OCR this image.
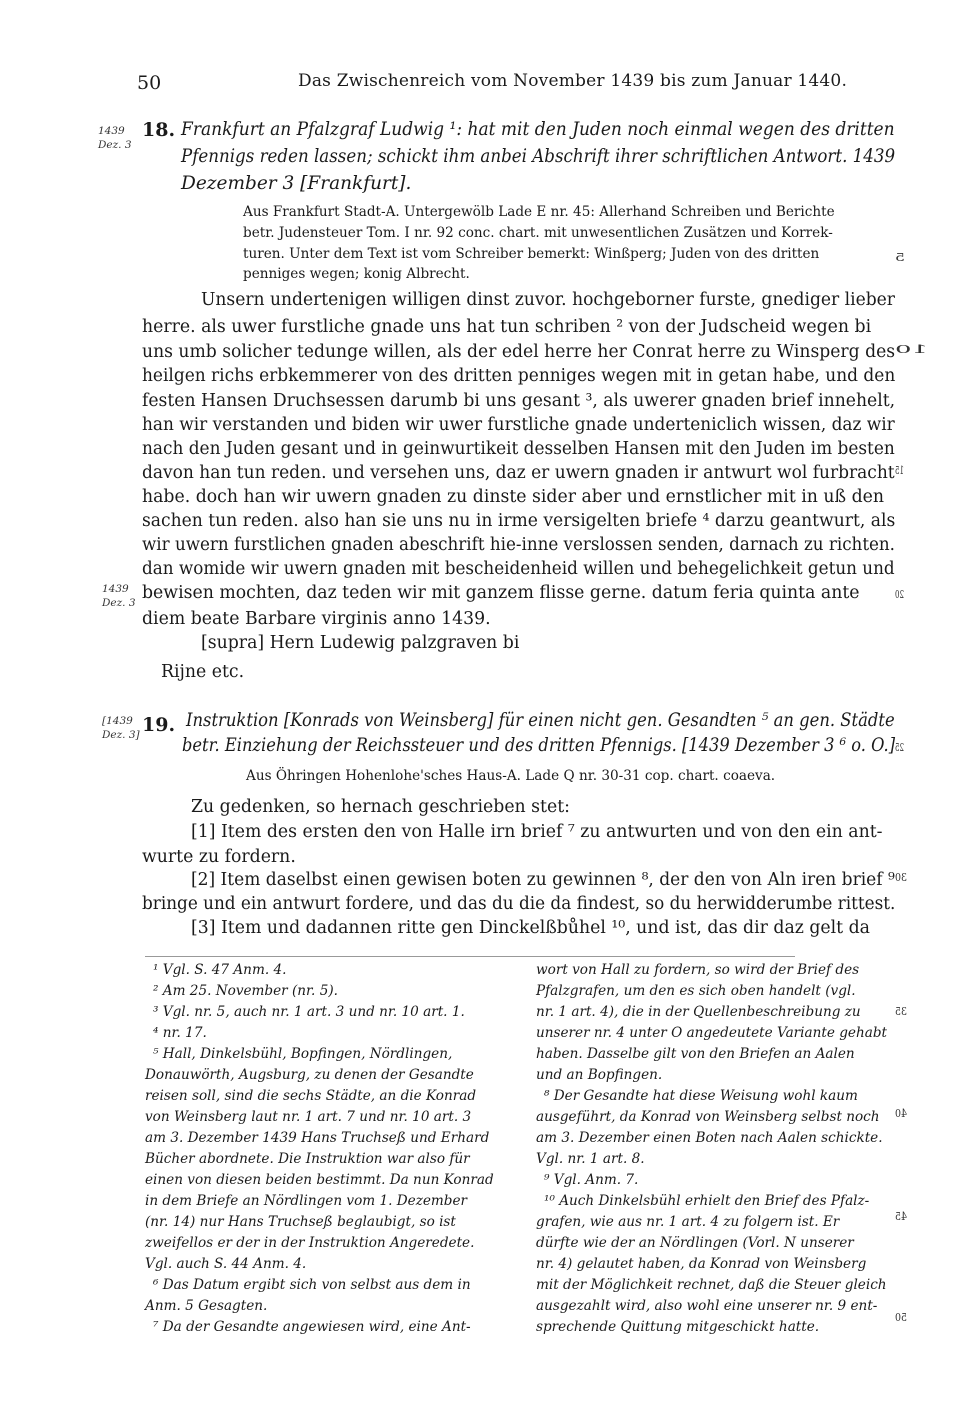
50	Das Zwischenreich vom November 1439 bis zum Januar 1440.
1439
Dez. 3
1439
Dez. 3
[1439
Dez. 3]
5
10
15
20
25
30
35
40
45
50
18. Frankfurt an Pfalzgraf Ludwig ¹: hat mit den Juden noch einmal wegen des dritten
Pfennigs reden lassen; schickt ihm anbei Abschrift ihrer schriftlichen Antwort. 1439
Dezember 3 [Frankfurt].
Aus Frankfurt Stadt-A. Untergewölb Lade E nr. 45: Allerhand Schreiben und Berichte
betr. Judensteuer Tom. I nr. 92 conc. chart. mit unwesentlichen Zusätzen und Korrek-
turen. Unter dem Text ist vom Schreiber bemerkt: Winßperg; Juden von des dritten
penniges wegen; konig Albrecht.
Unsern undertenigen willigen dinst zuvor. hochgeborner furste, gnediger lieber
herre. als uwer furstliche gnade uns hat tun schriben ² von der Judscheid wegen bi
uns umb solicher tedunge willen, als der edel herre her Conrat herre zu Winsperg des
heilgen richs erbkemmerer von des dritten penniges wegen mit in getan habe, und den
festen Hansen Druchsessen darumb bi uns gesant ³, als uwerer gnaden brief innehelt,
han wir verstanden und biden wir uwer furstliche gnade underteniclich wissen, daz wir
nach den Juden gesant und in geinwurtikeit desselben Hansen mit den Juden im besten
davon han tun reden. und versehen uns, daz er uwern gnaden ir antwurt wol furbracht
habe. doch han wir uwern gnaden zu dinste sider aber und ernstlicher mit in uß den
sachen tun reden. also han sie uns nu in irme versigelten briefe ⁴ darzu geantwurt, als
wir uwern furstlichen gnaden abeschrift hie-inne verslossen senden, darnach zu richten.
dan womide wir uwern gnaden mit bescheidenheid willen und behegelichkeit getun und
bewisen mochten, daz teden wir mit ganzem flisse gerne. datum feria quinta ante
diem beate Barbare virginis anno 1439.
[supra] Hern Ludewig palzgraven bi
Rijne etc.
19. Instruktion [Konrads von Weinsberg] für einen nicht gen. Gesandten ⁵ an gen. Städte
betr. Einziehung der Reichssteuer und des dritten Pfennigs. [1439 Dezember 3 ⁶ o. O.]
Aus Öhringen Hohenlohe'sches Haus-A. Lade Q nr. 30-31 cop. chart. coaeva.
Zu gedenken, so hernach geschrieben stet:
[1] Item des ersten den von Halle irn brief ⁷ zu antwurten und von den ein ant-
wurte zu fordern.
[2] Item daselbst einen gewisen boten zu gewinnen ⁸, der den von Aln iren brief ⁹
bringe und ein antwurt fordere, und das du die da findest, so du herwidderumbe rittest.
[3] Item und dadannen ritte gen Dinckelßbůhel ¹⁰, und ist, das dir daz gelt da
¹ Vgl. S. 47 Anm. 4.
² Am 25. November (nr. 5).
³ Vgl. nr. 5, auch nr. 1 art. 3 und nr. 10 art. 1.
⁴ nr. 17.
⁵ Hall, Dinkelsbühl, Bopfingen, Nördlingen,
Donauwörth, Augsburg, zu denen der Gesandte
reisen soll, sind die sechs Städte, an die Konrad
von Weinsberg laut nr. 1 art. 7 und nr. 10 art. 3
am 3. Dezember 1439 Hans Truchseß und Erhard
Bücher abordnete. Die Instruktion war also für
einen von diesen beiden bestimmt. Da nun Konrad
in dem Briefe an Nördlingen vom 1. Dezember
(nr. 14) nur Hans Truchseß beglaubigt, so ist
zweifellos er der in der Instruktion Angeredete.
Vgl. auch S. 44 Anm. 4.
⁶ Das Datum ergibt sich von selbst aus dem in
Anm. 5 Gesagten.
⁷ Da der Gesandte angewiesen wird, eine Ant-
wort von Hall zu fordern, so wird der Brief des
Pfalzgrafen, um den es sich oben handelt (vgl.
nr. 1 art. 4), die in der Quellenbeschreibung zu
unserer nr. 4 unter O angedeutete Variante gehabt
haben. Dasselbe gilt von den Briefen an Aalen
und an Bopfingen.
⁸ Der Gesandte hat diese Weisung wohl kaum
ausgeführt, da Konrad von Weinsberg selbst noch
am 3. Dezember einen Boten nach Aalen schickte.
Vgl. nr. 1 art. 8.
⁹ Vgl. Anm. 7.
¹⁰ Auch Dinkelsbühl erhielt den Brief des Pfalz-
grafen, wie aus nr. 1 art. 4 zu folgern ist. Er
dürfte wie der an Nördlingen (Vorl. N unserer
nr. 4) gelautet haben, da Konrad von Weinsberg
mit der Möglichkeit rechnet, daß die Steuer gleich
ausgezahlt wird, also wohl eine unserer nr. 9 ent-
sprechende Quittung mitgeschickt hatte.
